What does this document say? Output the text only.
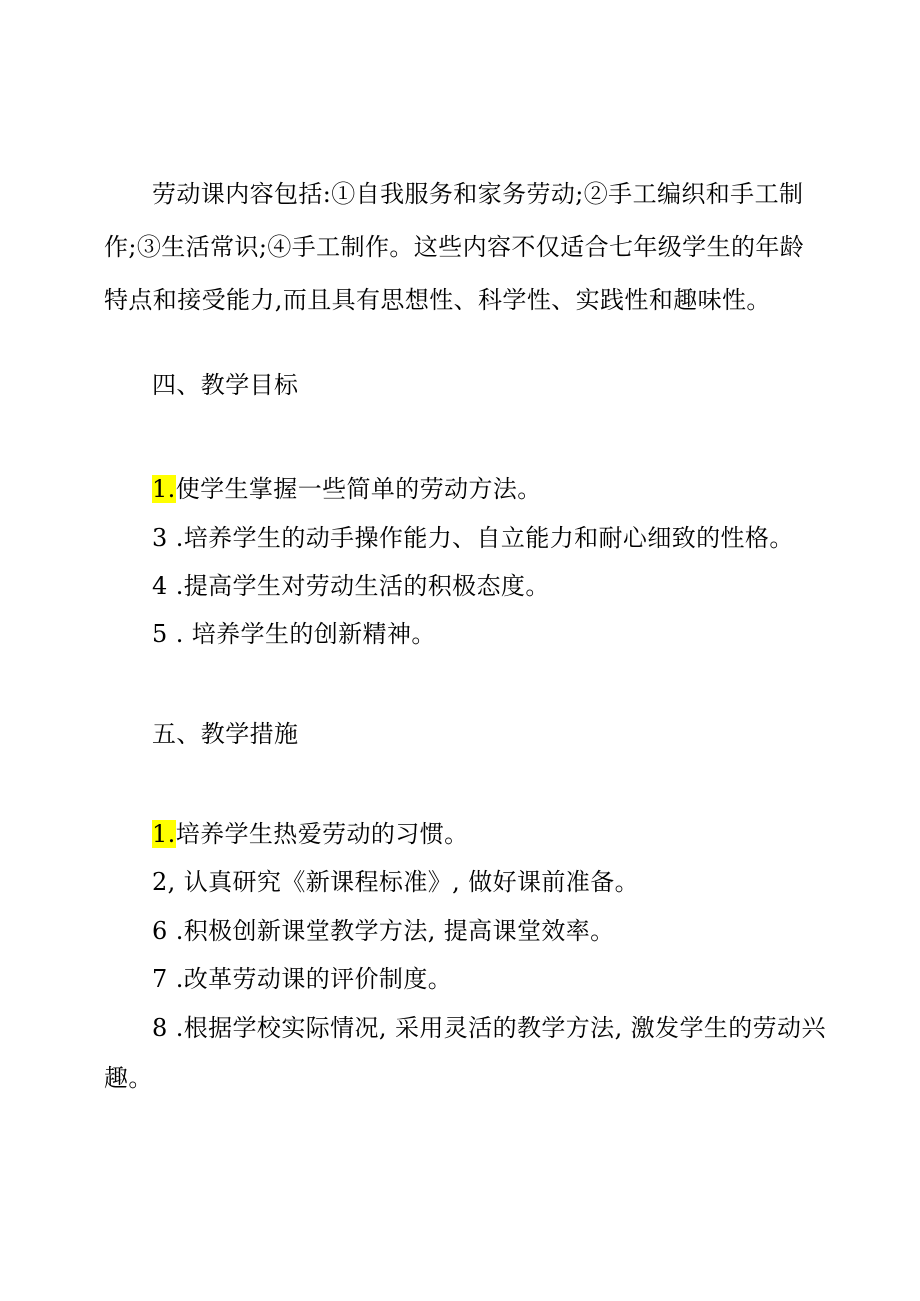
劳动课内容包括:①自我服务和家务劳动;②手工编织和手工制作;③生活常识;④手工制作。这些内容不仅适合七年级学生的年龄特点和接受能力,而且具有思想性、科学性、实践性和趣味性。

四、教学目标

1.使学生掌握一些简单的劳动方法。

3 .培养学生的动手操作能力、自立能力和耐心细致的性格。

4 .提高学生对劳动生活的积极态度。

5 . 培养学生的创新精神。

五、教学措施

1.培养学生热爱劳动的习惯。

2, 认真研究《新课程标准》, 做好课前准备。

6 .积极创新课堂教学方法, 提高课堂效率。

7 .改革劳动课的评价制度。

8 .根据学校实际情况, 采用灵活的教学方法, 激发学生的劳动兴

趣。
